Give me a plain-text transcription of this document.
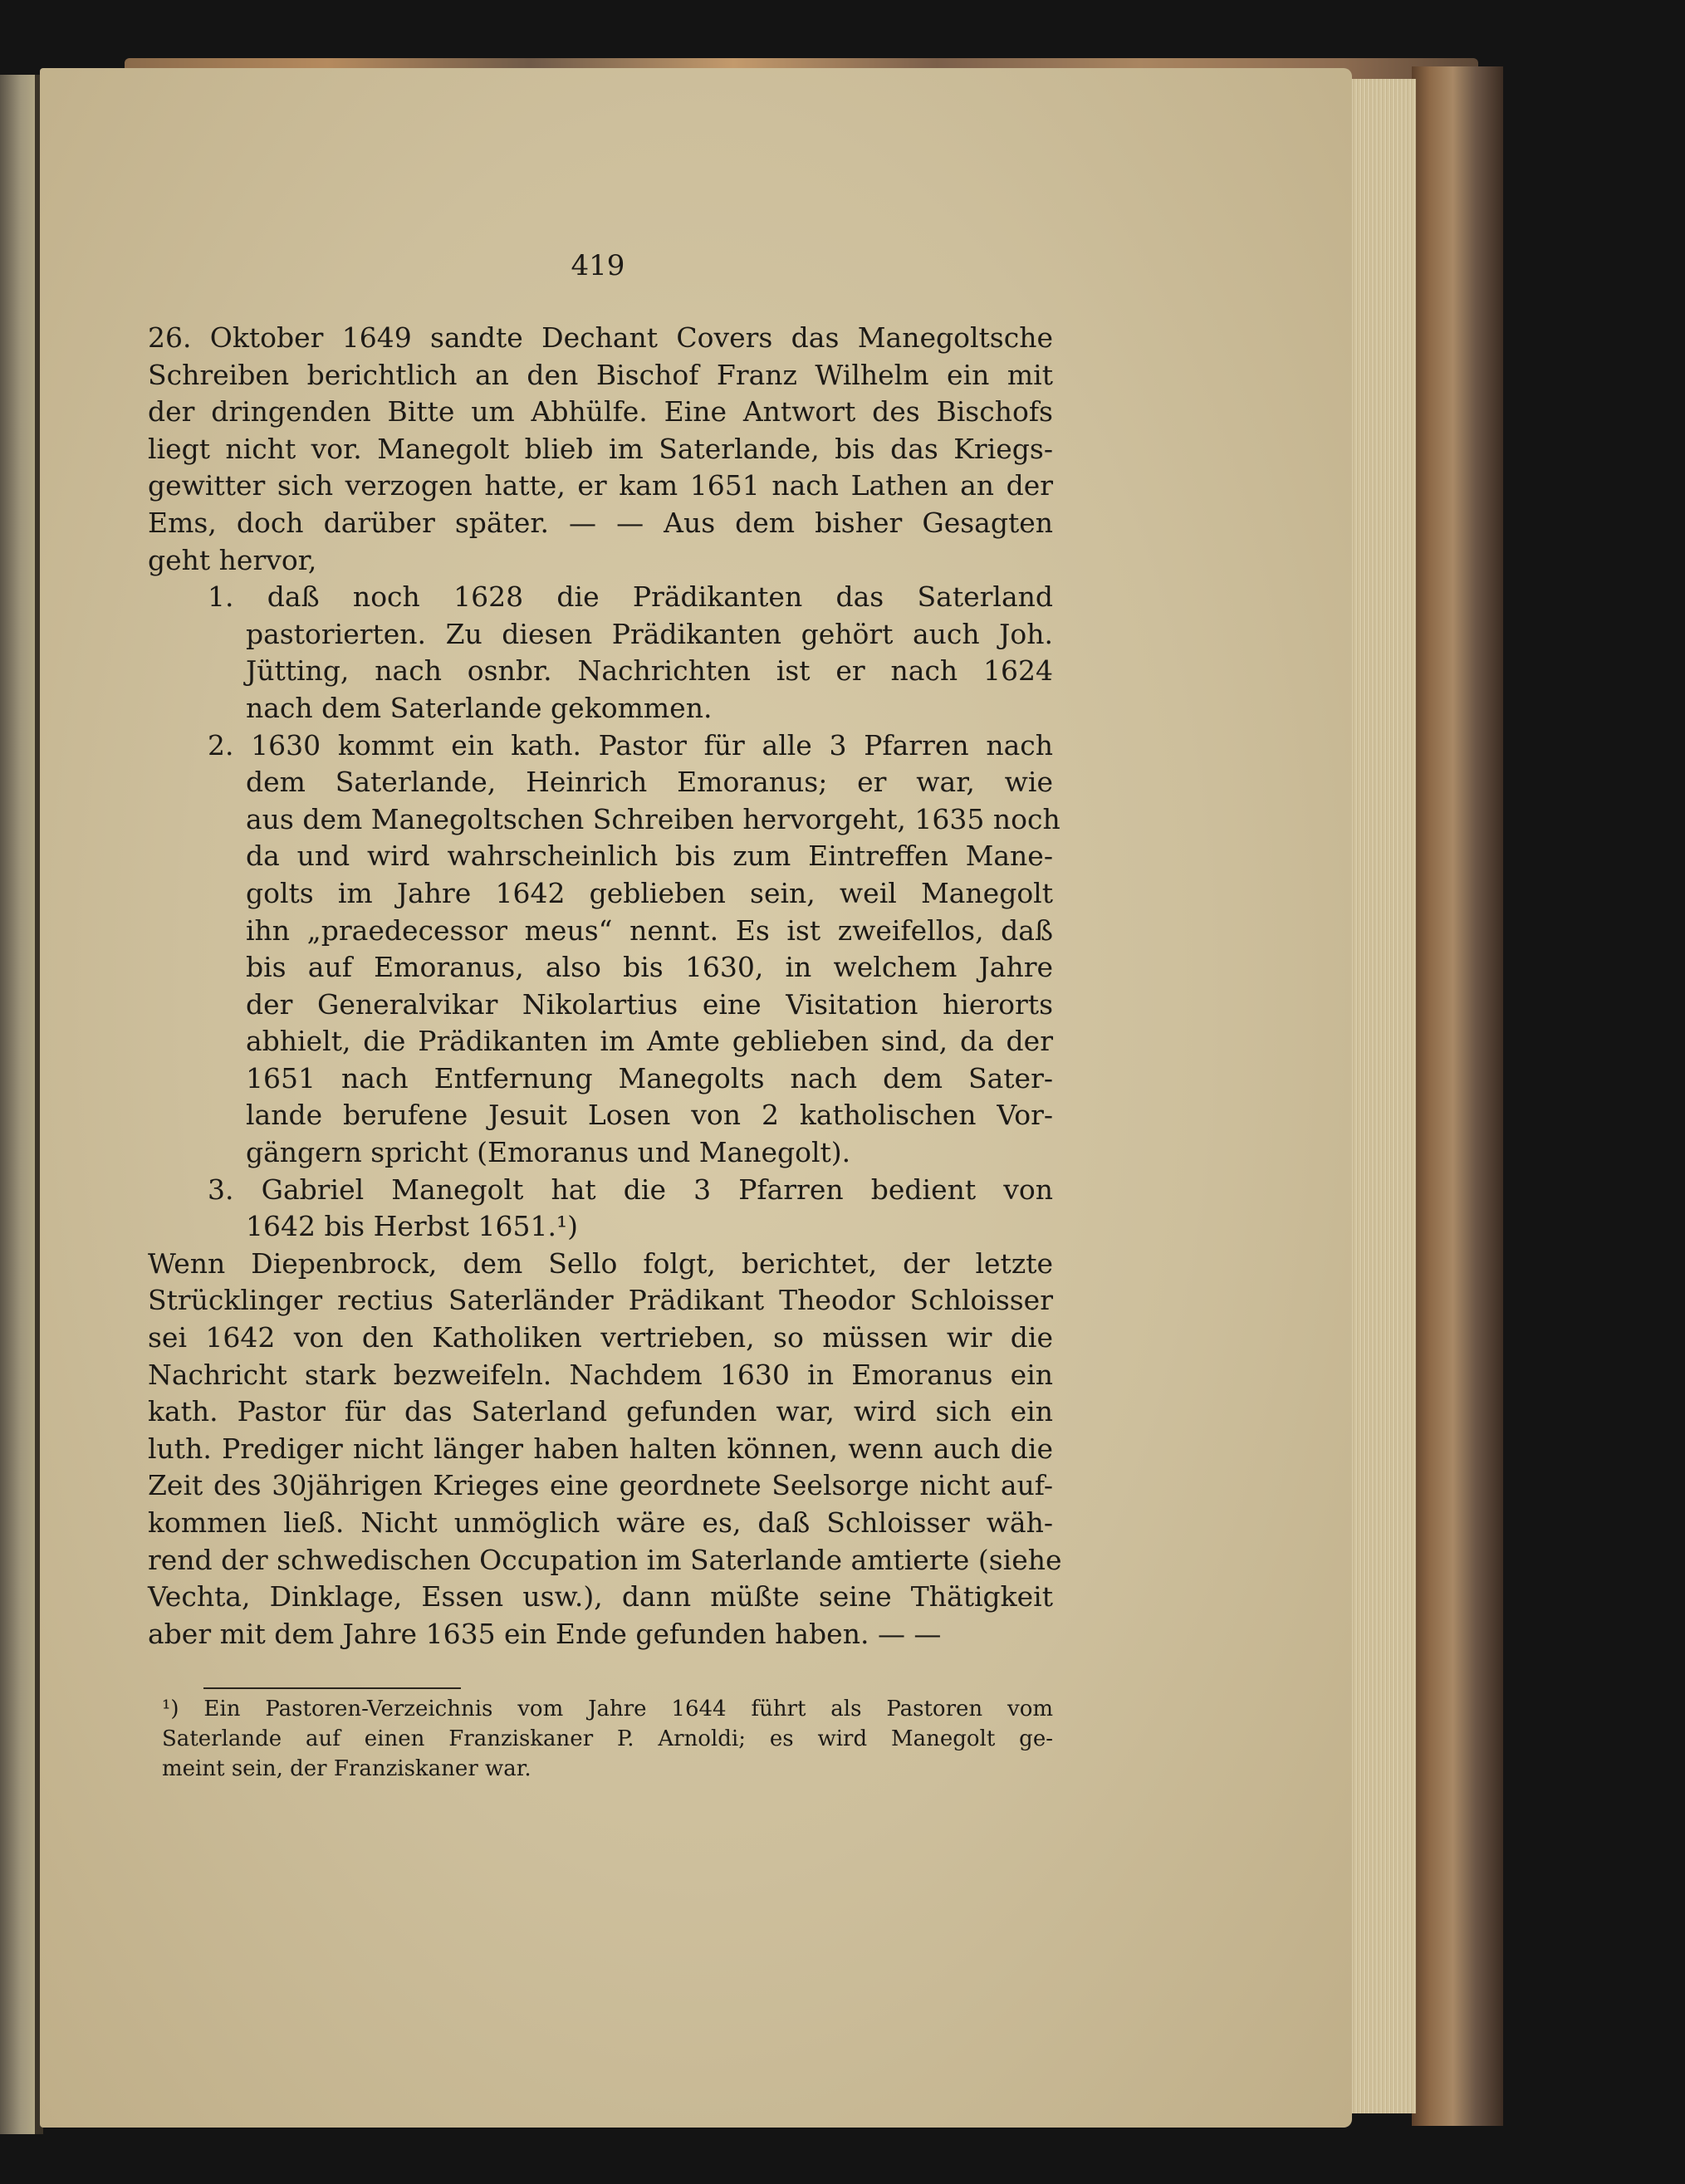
419
26. Oktober 1649 sandte Dechant Covers das Manegoltsche
Schreiben berichtlich an den Bischof Franz Wilhelm ein mit
der dringenden Bitte um Abhülfe. Eine Antwort des Bischofs
liegt nicht vor. Manegolt blieb im Saterlande, bis das Kriegs-
gewitter sich verzogen hatte, er kam 1651 nach Lathen an der
Ems, doch darüber später. — — Aus dem bisher Gesagten
geht hervor,
1. daß noch 1628 die Prädikanten das Saterland
pastorierten. Zu diesen Prädikanten gehört auch Joh.
Jütting, nach osnbr. Nachrichten ist er nach 1624
nach dem Saterlande gekommen.
2. 1630 kommt ein kath. Pastor für alle 3 Pfarren nach
dem Saterlande, Heinrich Emoranus; er war, wie
aus dem Manegoltschen Schreiben hervorgeht, 1635 noch
da und wird wahrscheinlich bis zum Eintreffen Mane-
golts im Jahre 1642 geblieben sein, weil Manegolt
ihn „praedecessor meus“ nennt. Es ist zweifellos, daß
bis auf Emoranus, also bis 1630, in welchem Jahre
der Generalvikar Nikolartius eine Visitation hierorts
abhielt, die Prädikanten im Amte geblieben sind, da der
1651 nach Entfernung Manegolts nach dem Sater-
lande berufene Jesuit Losen von 2 katholischen Vor-
gängern spricht (Emoranus und Manegolt).
3. Gabriel Manegolt hat die 3 Pfarren bedient von
1642 bis Herbst 1651.¹)
Wenn Diepenbrock, dem Sello folgt, berichtet, der letzte
Strücklinger rectius Saterländer Prädikant Theodor Schloisser
sei 1642 von den Katholiken vertrieben, so müssen wir die
Nachricht stark bezweifeln. Nachdem 1630 in Emoranus ein
kath. Pastor für das Saterland gefunden war, wird sich ein
luth. Prediger nicht länger haben halten können, wenn auch die
Zeit des 30jährigen Krieges eine geordnete Seelsorge nicht auf-
kommen ließ. Nicht unmöglich wäre es, daß Schloisser wäh-
rend der schwedischen Occupation im Saterlande amtierte (siehe
Vechta, Dinklage, Essen usw.), dann müßte seine Thätigkeit
aber mit dem Jahre 1635 ein Ende gefunden haben. — —
¹) Ein Pastoren-Verzeichnis vom Jahre 1644 führt als Pastoren vom
Saterlande auf einen Franziskaner P. Arnoldi; es wird Manegolt ge-
meint sein, der Franziskaner war.
